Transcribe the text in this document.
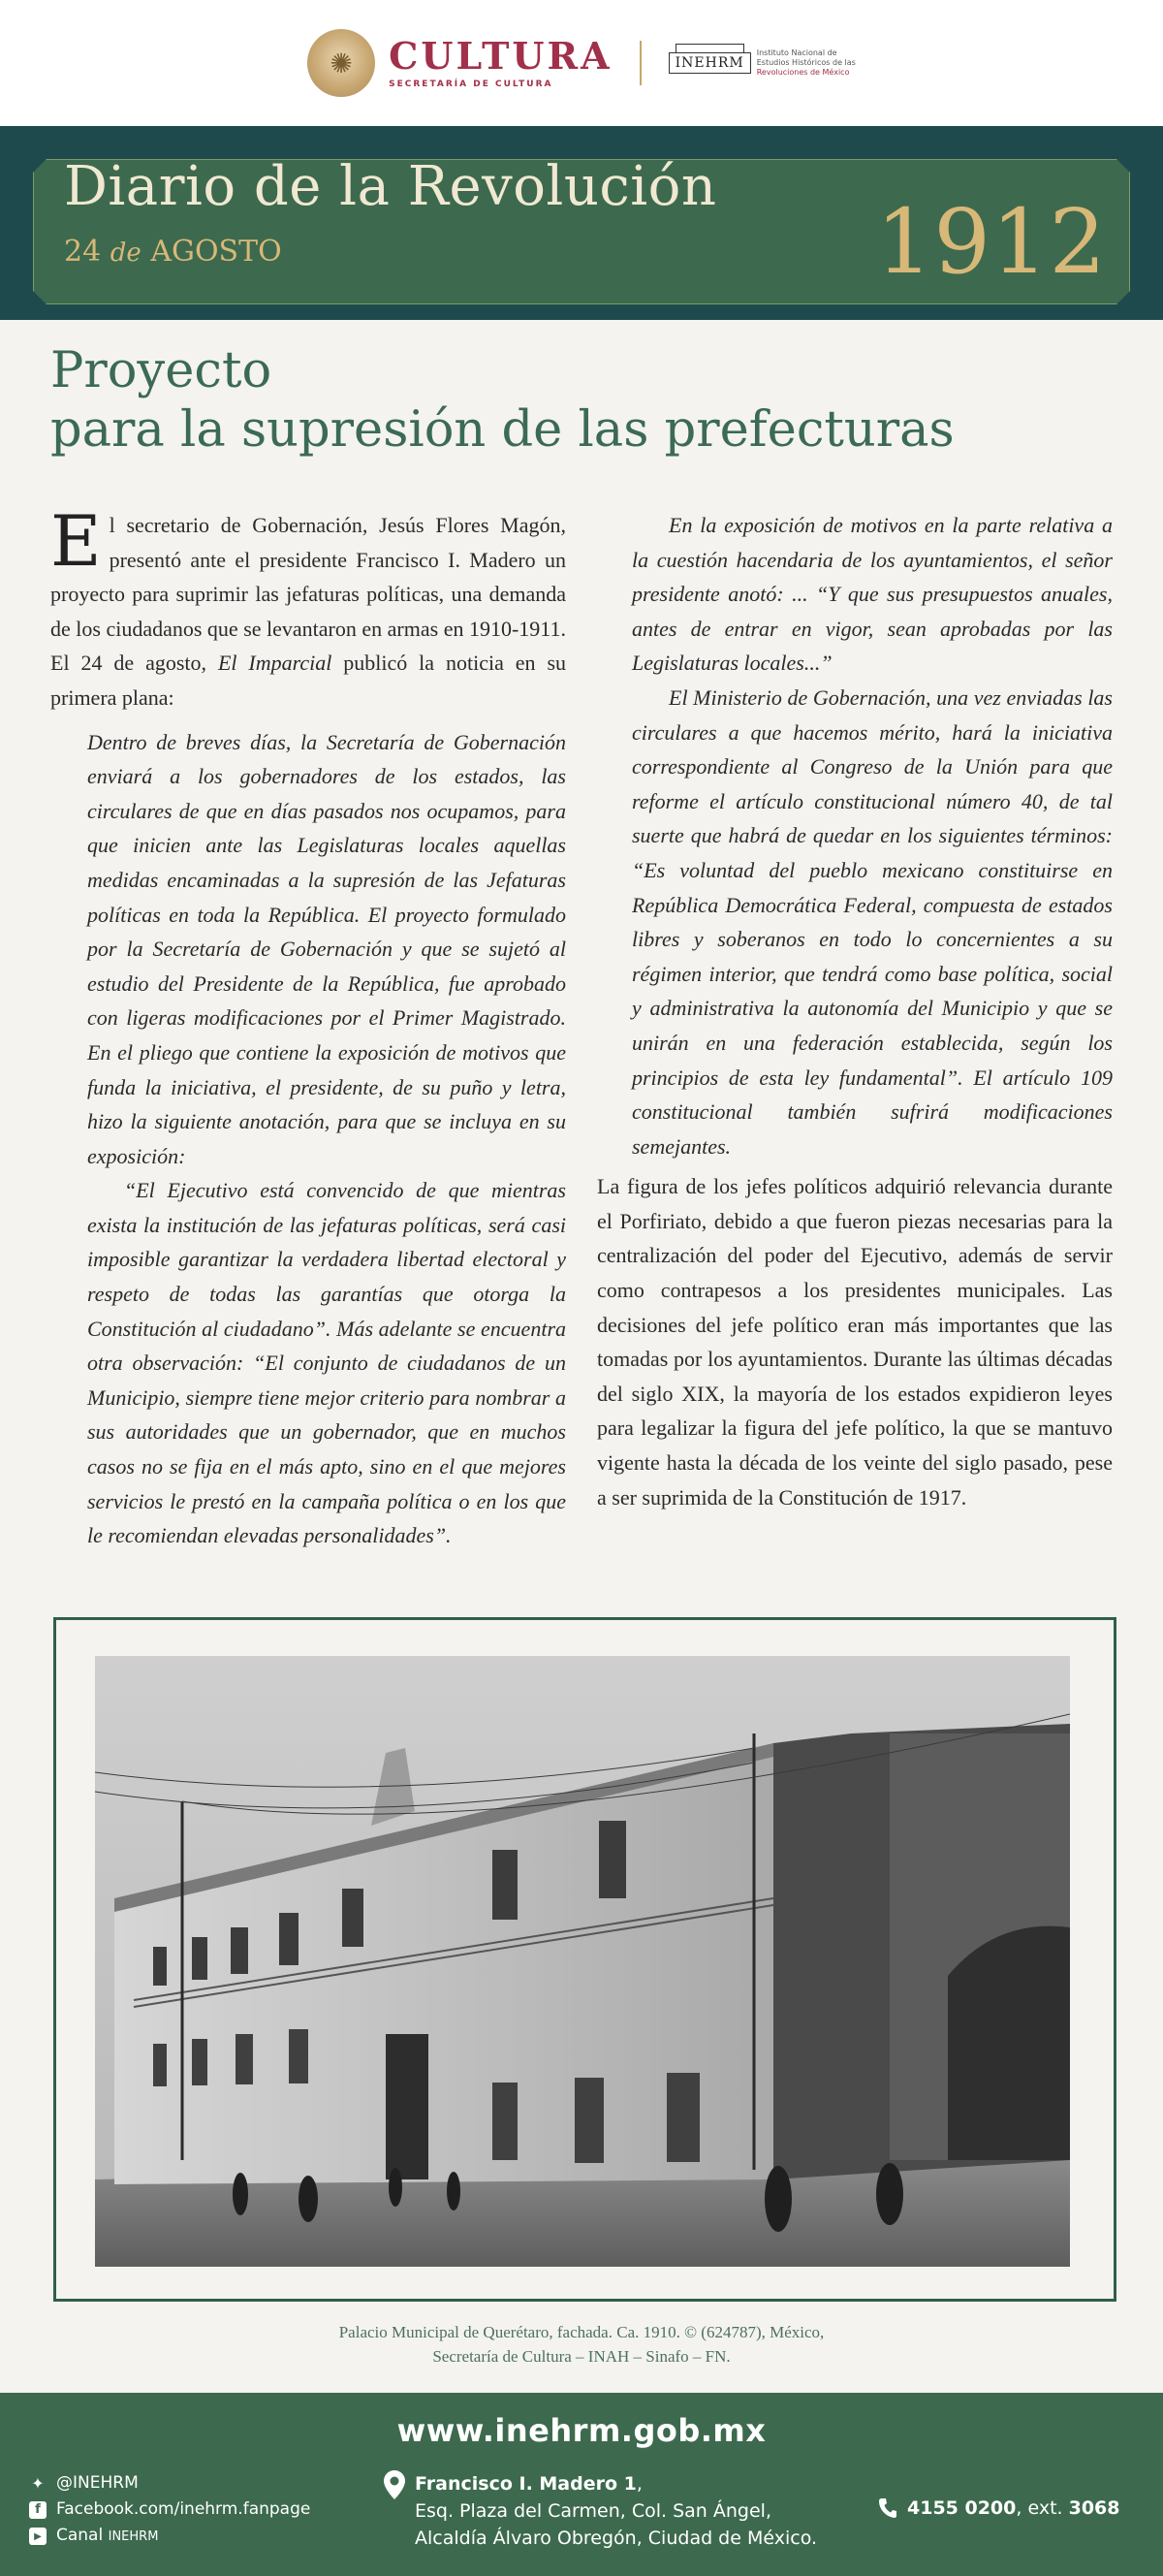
✺ CULTURA
SECRETARÍA DE CULTURA
INEHRM
Instituto Nacional de
Estudios Históricos de las
Revoluciones de México
Diario de la Revolución
24 de AGOSTO	1912
Proyecto
para la supresión de las prefecturas

El secretario de Gobernación, Jesús Flores Magón, presentó ante el presidente Francisco I. Madero un proyecto para suprimir las jefaturas políticas, una demanda de los ciudadanos que se levantaron en armas en 1910-1911. El 24 de agosto, El Imparcial publicó la noticia en su primera plana:

Dentro de breves días, la Secretaría de Gobernación enviará a los gobernadores de los estados, las circulares de que en días pasados nos ocupamos, para que inicien ante las Legislaturas locales aquellas medidas encaminadas a la supresión de las Jefaturas políticas en toda la República. El proyecto formulado por la Secretaría de Gobernación y que se sujetó al estudio del Presidente de la República, fue aprobado con ligeras modificaciones por el Primer Magistrado. En el pliego que contiene la exposición de motivos que funda la iniciativa, el presidente, de su puño y letra, hizo la siguiente anotación, para que se incluya en su exposición:

“El Ejecutivo está convencido de que mientras exista la institución de las jefaturas políticas, será casi imposible garantizar la verdadera libertad electoral y respeto de todas las garantías que otorga la Constitución al ciudadano”. Más adelante se encuentra otra observación: “El conjunto de ciudadanos de un Municipio, siempre tiene mejor criterio para nombrar a sus autoridades que un gobernador, que en muchos casos no se fija en el más apto, sino en el que mejores servicios le prestó en la campaña política o en los que le recomiendan elevadas personalidades”.

En la exposición de motivos en la parte relativa a la cuestión hacendaria de los ayuntamientos, el señor presidente anotó: ... “Y que sus presupuestos anuales, antes de entrar en vigor, sean aprobadas por las Legislaturas locales...”

El Ministerio de Gobernación, una vez enviadas las circulares a que hacemos mérito, hará la iniciativa correspondiente al Congreso de la Unión para que reforme el artículo constitucional número 40, de tal suerte que habrá de quedar en los siguientes términos: “Es voluntad del pueblo mexicano constituirse en República Democrática Federal, compuesta de estados libres y soberanos en todo lo concernientes a su régimen interior, que tendrá como base política, social y administrativa la autonomía del Municipio y que se unirán en una federación establecida, según los principios de esta ley fundamental”. El artículo 109 constitucional también sufrirá modificaciones semejantes.

La figura de los jefes políticos adquirió relevancia durante el Porfiriato, debido a que fueron piezas necesarias para la centralización del poder del Ejecutivo, además de servir como contrapesos a los presidentes municipales. Las decisiones del jefe político eran más importantes que las tomadas por los ayuntamientos. Durante las últimas décadas del siglo XIX, la mayoría de los estados expidieron leyes para legalizar la figura del jefe político, la que se mantuvo vigente hasta la década de los veinte del siglo pasado, pese a ser suprimida de la Constitución de 1917.

Palacio Municipal de Querétaro, fachada. Ca. 1910. © (624787), México,
Secretaría de Cultura – INAH – Sinafo – FN.
www.inehrm.gob.mx
✦ @INEHRM
f Facebook.com/inehrm.fanpage
▶ Canal INEHRM
Francisco I. Madero 1,
Esq. Plaza del Carmen, Col. San Ángel,
Alcaldía Álvaro Obregón, Ciudad de México.
4155 0200, ext. 3068
